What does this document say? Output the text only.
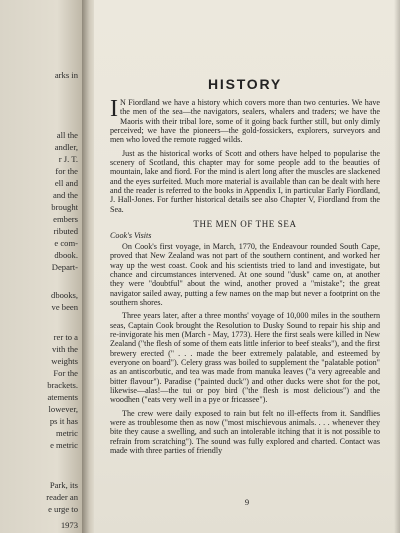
arks in
all the
andler,
r J. T.
for the
ell and
and the
brought
embers
ributed
e com-
dbook.
Depart-
dbooks,
ve been
rer to a
vith the
weights
For the
brackets.
atements
lowever,
ps it has
metric
e metric
Park, its
reader an
e urge to
1973
HISTORY

I N Fiordland we have a history which covers more than two centuries. We have the men of the sea—the navigators, sealers, whalers and traders; we have the Maoris with their tribal lore, some of it going back further still, but only dimly perceived; we have the pioneers—the gold-fossickers, explorers, surveyors and men who loved the remote rugged wilds.

Just as the historical works of Scott and others have helped to popularise the scenery of Scotland, this chapter may for some people add to the beauties of mountain, lake and fiord. For the mind is alert long after the muscles are slackened and the eyes surfeited. Much more material is available than can be dealt with here and the reader is referred to the books in Appendix I, in particular Early Fiordland, J. Hall-Jones. For further historical details see also Chapter V, Fiordland from the Sea.

THE MEN OF THE SEA
Cook's Visits

On Cook's first voyage, in March, 1770, the Endeavour rounded South Cape, proved that New Zealand was not part of the southern continent, and worked her way up the west coast. Cook and his scientists tried to land and investigate, but chance and circumstances intervened. At one sound "dusk" came on, at another they were "doubtful" about the wind, another proved a "mistake"; the great navigator sailed away, putting a few names on the map but never a footprint on the southern shores.

Three years later, after a three months' voyage of 10,000 miles in the southern seas, Captain Cook brought the Resolution to Dusky Sound to repair his ship and re-invigorate his men (March - May, 1773). Here the first seals were killed in New Zealand ("the flesh of some of them eats little inferior to beef steaks"), and the first brewery erected (" . . . made the beer extremely palatable, and esteemed by everyone on board"). Celery grass was boiled to supplement the "palatable potion" as an antiscorbutic, and tea was made from manuka leaves ("a very agreeable and bitter flavour"). Paradise ("painted duck") and other ducks were shot for the pot, likewise—alas!—the tui or poy bird ("the flesh is most delicious") and the woodhen ("eats very well in a pye or fricassee").

The crew were daily exposed to rain but felt no ill-effects from it. Sandflies were as troublesome then as now ("most mischievous animals. . . . whenever they bite they cause a swelling, and such an intolerable itching that it is not possible to refrain from scratching"). The sound was fully explored and charted. Contact was made with three parties of friendly

9
